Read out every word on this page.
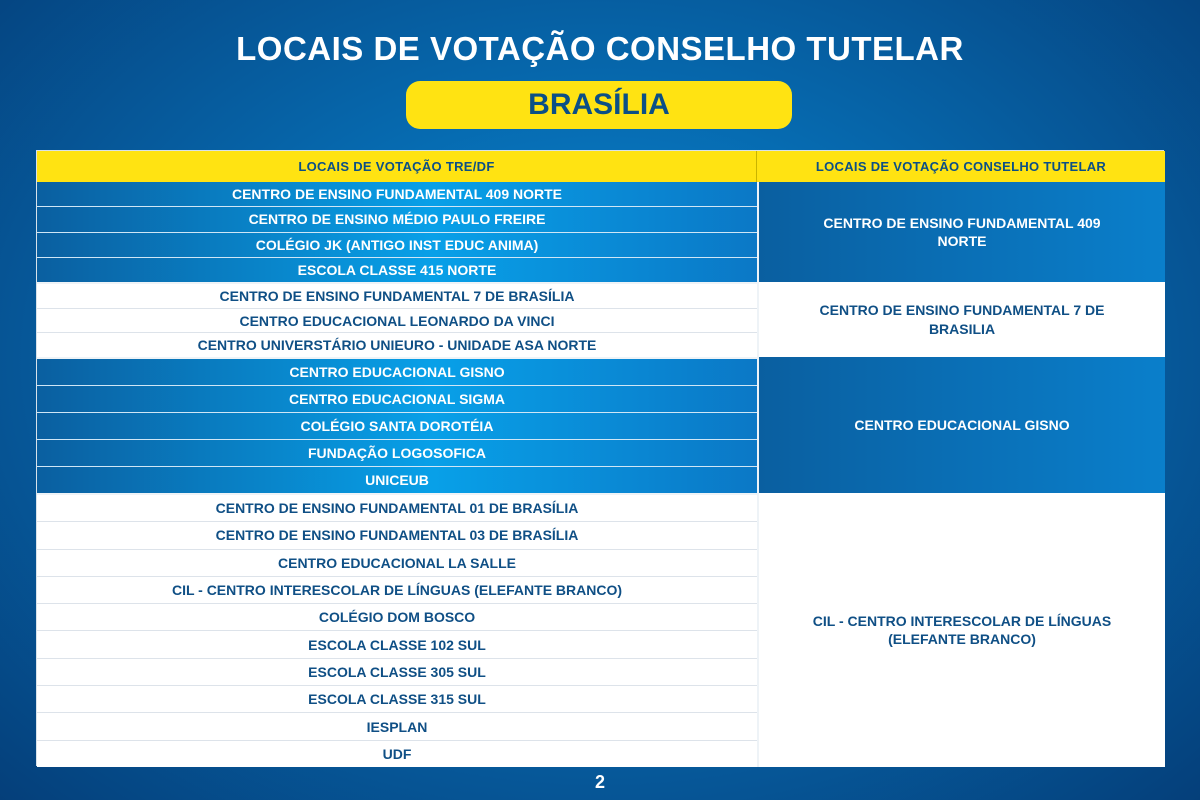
LOCAIS DE VOTAÇÃO CONSELHO TUTELAR
BRASÍLIA
LOCAIS DE VOTAÇÃO TRE/DF	LOCAIS DE VOTAÇÃO CONSELHO TUTELAR
CENTRO DE ENSINO FUNDAMENTAL 409 NORTE
CENTRO DE ENSINO MÉDIO PAULO FREIRE
COLÉGIO JK (ANTIGO INST EDUC ANIMA)
ESCOLA CLASSE 415 NORTE
CENTRO DE ENSINO FUNDAMENTAL 409 NORTE
CENTRO DE ENSINO FUNDAMENTAL 7 DE BRASÍLIA
CENTRO EDUCACIONAL LEONARDO DA VINCI
CENTRO UNIVERSTÁRIO UNIEURO - UNIDADE ASA NORTE
CENTRO DE ENSINO FUNDAMENTAL 7 DE BRASILIA
CENTRO EDUCACIONAL GISNO
CENTRO EDUCACIONAL SIGMA
COLÉGIO SANTA DOROTÉIA
FUNDAÇÃO LOGOSOFICA
UNICEUB
CENTRO EDUCACIONAL GISNO
CENTRO DE ENSINO FUNDAMENTAL 01 DE BRASÍLIA
CENTRO DE ENSINO FUNDAMENTAL 03 DE BRASÍLIA
CENTRO EDUCACIONAL LA SALLE
CIL - CENTRO INTERESCOLAR DE LÍNGUAS (ELEFANTE BRANCO)
COLÉGIO DOM BOSCO
ESCOLA CLASSE 102 SUL
ESCOLA CLASSE 305 SUL
ESCOLA CLASSE 315 SUL
IESPLAN
UDF
CIL - CENTRO INTERESCOLAR DE LÍNGUAS (ELEFANTE BRANCO)
2
